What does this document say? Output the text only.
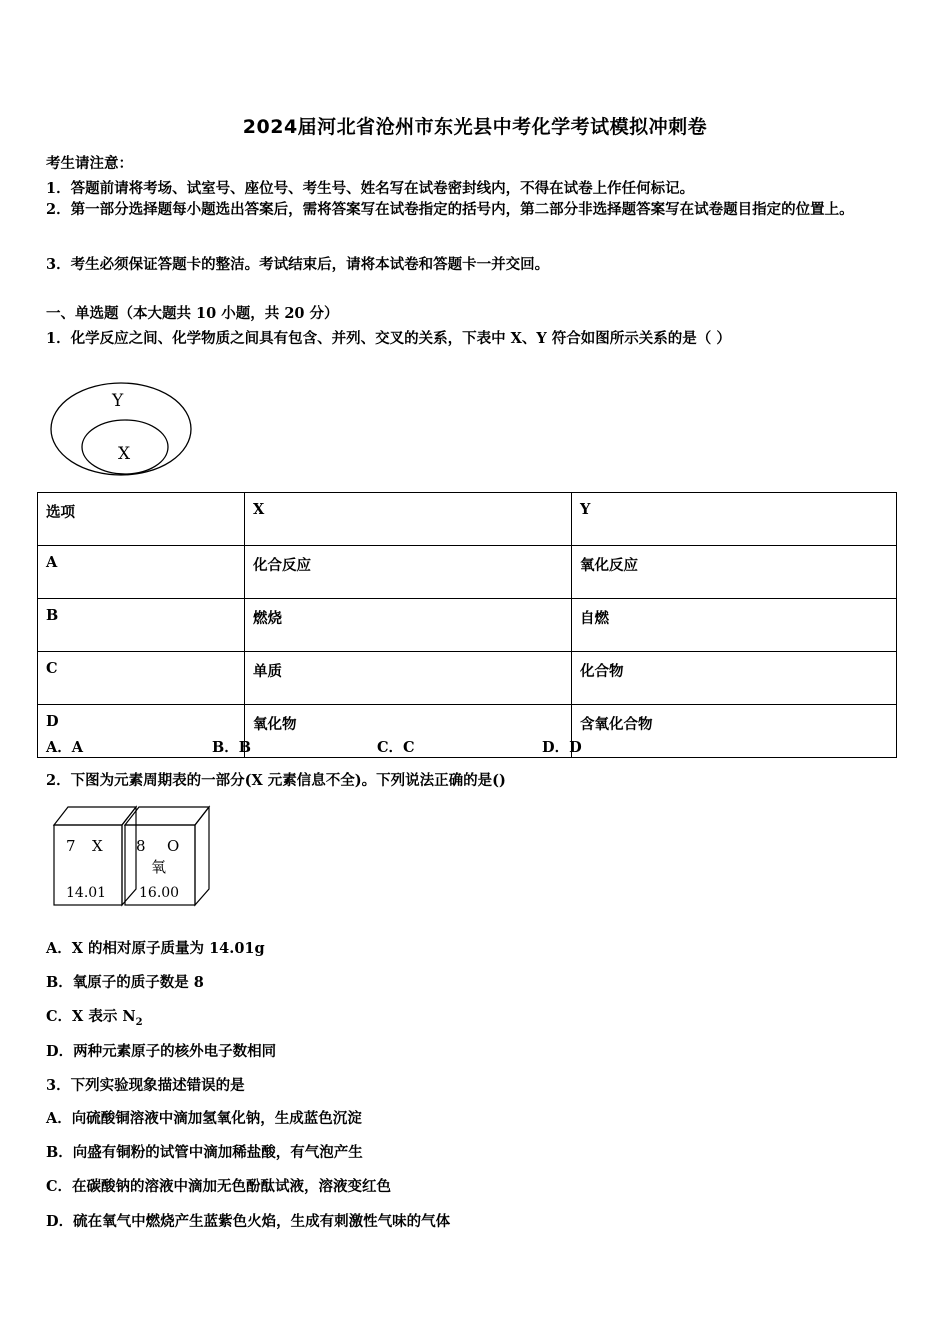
2024届河北省沧州市东光县中考化学考试模拟冲刺卷
考生请注意：
1．答题前请将考场、试室号、座位号、考生号、姓名写在试卷密封线内，不得在试卷上作任何标记。
2．第一部分选择题每小题选出答案后，需将答案写在试卷指定的括号内，第二部分非选择题答案写在试卷题目指定的位置上。
3．考生必须保证答题卡的整洁。考试结束后，请将本试卷和答题卡一并交回。
一、单选题（本大题共 10 小题，共 20 分）
1．化学反应之间、化学物质之间具有包含、并列、交叉的关系，下表中 X、Y 符合如图所示关系的是（ ）
Y
X
选项	X	Y
A	化合反应	氧化反应
B	燃烧	自燃
C	单质	化合物
D	氧化物	含氧化合物
A．A	B．B	C．C	D．D
2．下图为元素周期表的一部分(X 元素信息不全)。下列说法正确的是()
7 X
14.01
8 O
氧
16.00
A．X 的相对原子质量为 14.01g
B．氧原子的质子数是 8
C．X 表示 $N_2$
D．两种元素原子的核外电子数相同
3．下列实验现象描述错误的是
A．向硫酸铜溶液中滴加氢氧化钠，生成蓝色沉淀
B．向盛有铜粉的试管中滴加稀盐酸，有气泡产生
C．在碳酸钠的溶液中滴加无色酚酞试液，溶液变红色
D．硫在氧气中燃烧产生蓝紫色火焰，生成有刺激性气味的气体
